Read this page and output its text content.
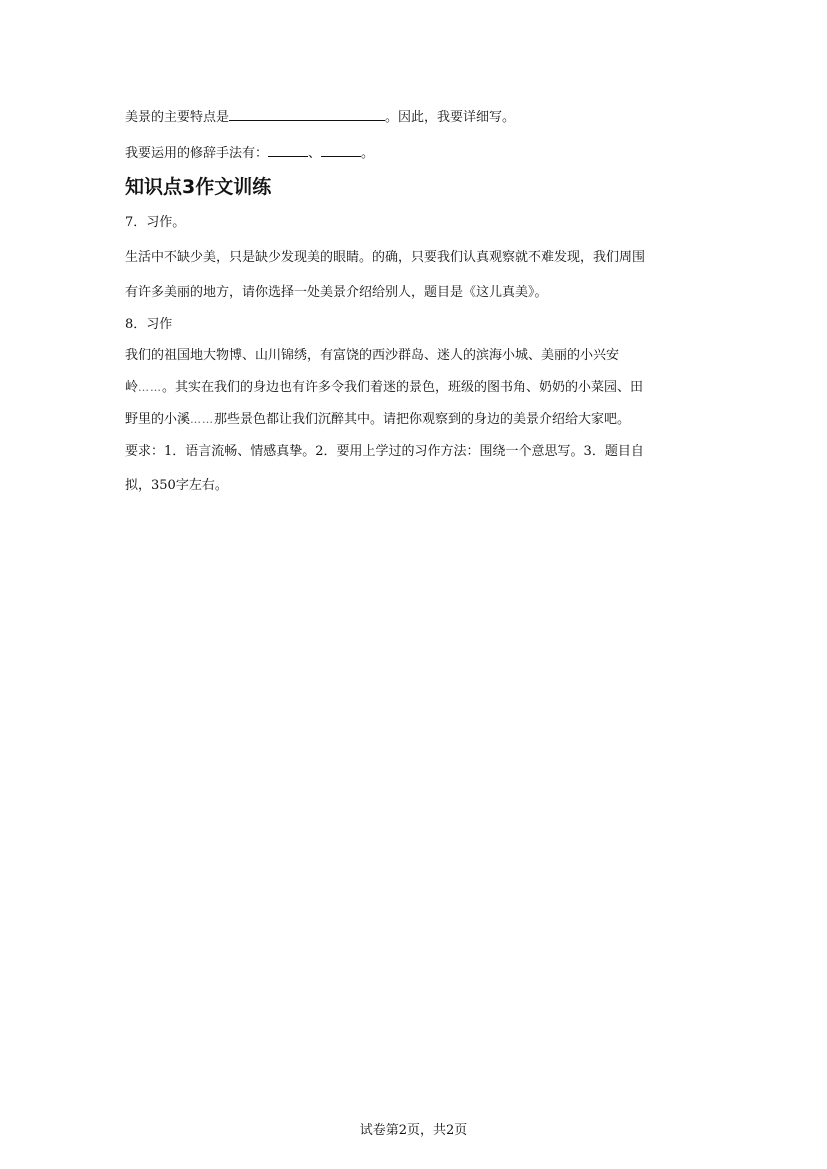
美景的主要特点是	。因此，我要详细写。
我要运用的修辞手法有：	、	。
知识点3作文训练
7．习作。
生活中不缺少美，只是缺少发现美的眼睛。的确，只要我们认真观察就不难发现，我们周围
有许多美丽的地方，请你选择一处美景介绍给别人，题目是《这儿真美》。
8．习作
我们的祖国地大物博、山川锦绣，有富饶的西沙群岛、迷人的滨海小城、美丽的小兴安
岭……。其实在我们的身边也有许多令我们着迷的景色，班级的图书角、奶奶的小菜园、田
野里的小溪……那些景色都让我们沉醉其中。请把你观察到的身边的美景介绍给大家吧。
要求：1．语言流畅、情感真挚。2．要用上学过的习作方法：围绕一个意思写。3．题目自
拟，350字左右。
试卷第2页，共2页
